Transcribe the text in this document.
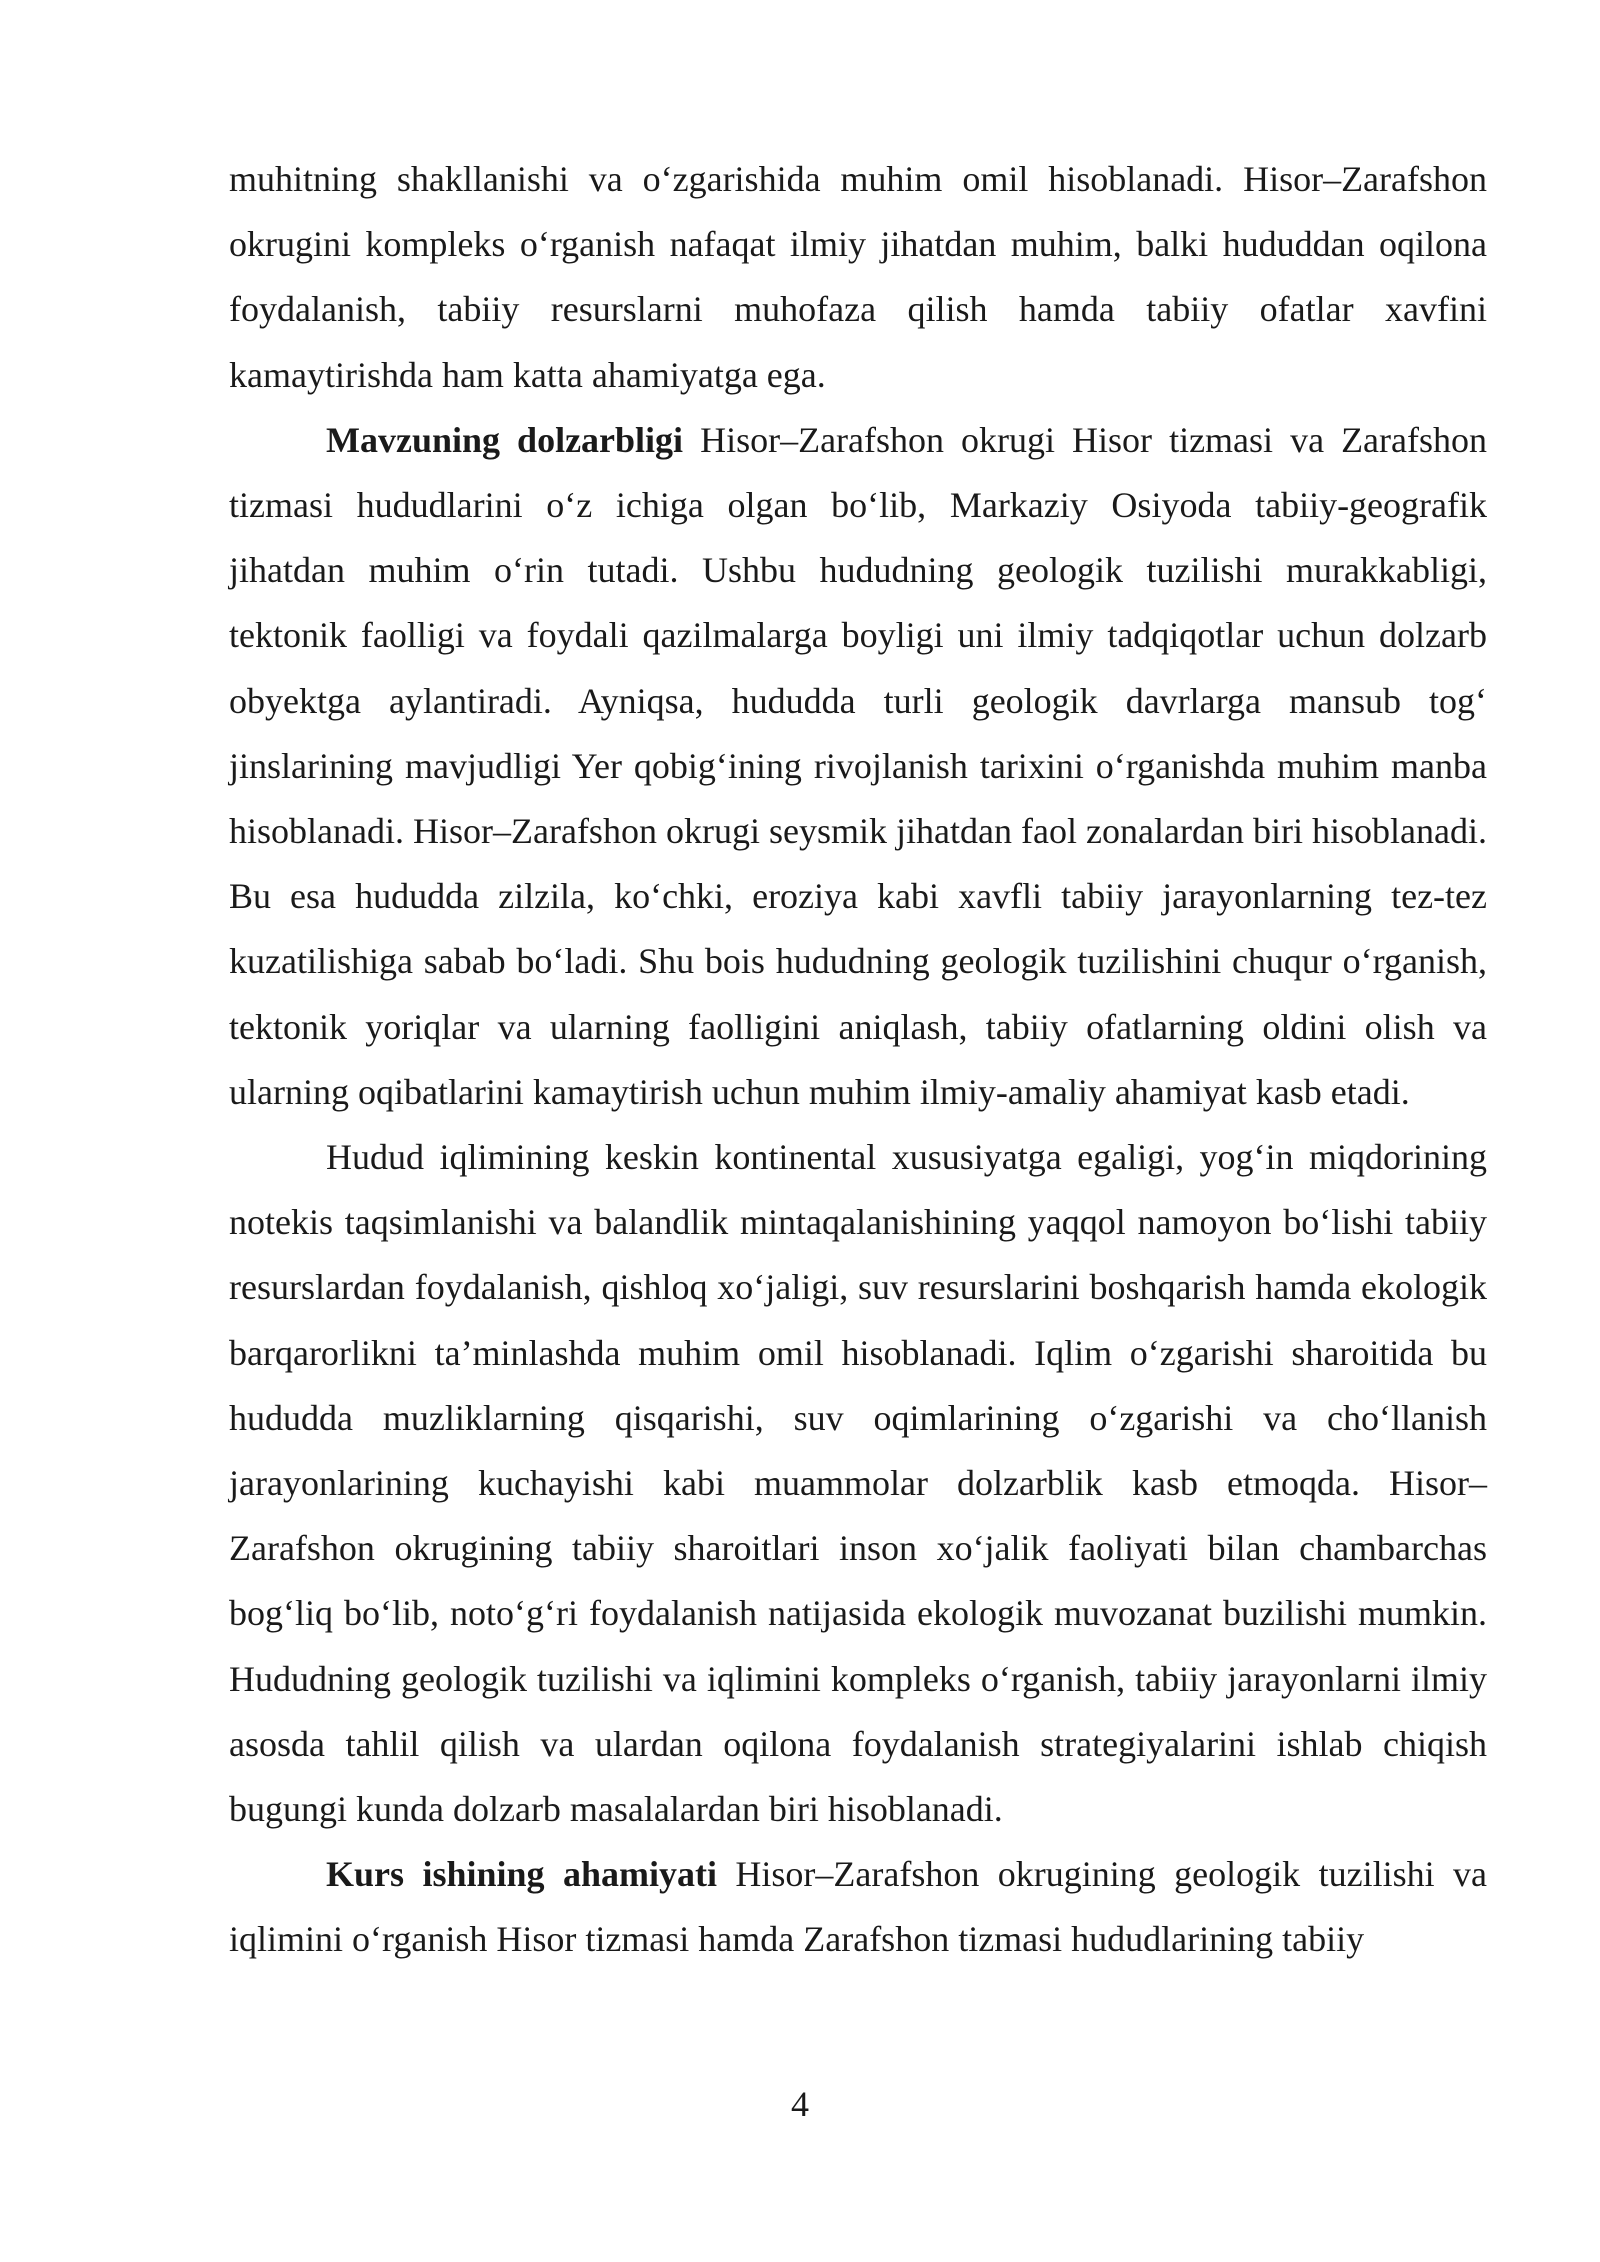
muhitning shakllanishi va o‘zgarishida muhim omil hisoblanadi. Hisor–Zarafshon okrugini kompleks o‘rganish nafaqat ilmiy jihatdan muhim, balki hududdan oqilona foydalanish, tabiiy resurslarni muhofaza qilish hamda tabiiy ofatlar xavfini kamaytirishda ham katta ahamiyatga ega.

Mavzuning dolzarbligi Hisor–Zarafshon okrugi Hisor tizmasi va Zarafshon tizmasi hududlarini o‘z ichiga olgan bo‘lib, Markaziy Osiyoda tabiiy-geografik jihatdan muhim o‘rin tutadi. Ushbu hududning geologik tuzilishi murakkabligi, tektonik faolligi va foydali qazilmalarga boyligi uni ilmiy tadqiqotlar uchun dolzarb obyektga aylantiradi. Ayniqsa, hududda turli geologik davrlarga mansub tog‘ jinslarining mavjudligi Yer qobig‘ining rivojlanish tarixini o‘rganishda muhim manba hisoblanadi. Hisor–Zarafshon okrugi seysmik jihatdan faol zonalardan biri hisoblanadi. Bu esa hududda zilzila, ko‘chki, eroziya kabi xavfli tabiiy jarayonlarning tez-tez kuzatilishiga sabab bo‘ladi. Shu bois hududning geologik tuzilishini chuqur o‘rganish, tektonik yoriqlar va ularning faolligini aniqlash, tabiiy ofatlarning oldini olish va ularning oqibatlarini kamaytirish uchun muhim ilmiy-amaliy ahamiyat kasb etadi.

Hudud iqlimining keskin kontinental xususiyatga egaligi, yog‘in miqdorining notekis taqsimlanishi va balandlik mintaqalanishining yaqqol namoyon bo‘lishi tabiiy resurslardan foydalanish, qishloq xo‘jaligi, suv resurslarini boshqarish hamda ekologik barqarorlikni ta’minlashda muhim omil hisoblanadi. Iqlim o‘zgarishi sharoitida bu hududda muzliklarning qisqarishi, suv oqimlarining o‘zgarishi va cho‘llanish jarayonlarining kuchayishi kabi muammolar dolzarblik kasb etmoqda. Hisor–Zarafshon okrugining tabiiy sharoitlari inson xo‘jalik faoliyati bilan chambarchas bog‘liq bo‘lib, noto‘g‘ri foydalanish natijasida ekologik muvozanat buzilishi mumkin. Hududning geologik tuzilishi va iqlimini kompleks o‘rganish, tabiiy jarayonlarni ilmiy asosda tahlil qilish va ulardan oqilona foydalanish strategiyalarini ishlab chiqish bugungi kunda dolzarb masalalardan biri hisoblanadi.

Kurs ishining ahamiyati Hisor–Zarafshon okrugining geologik tuzilishi va iqlimini o‘rganish Hisor tizmasi hamda Zarafshon tizmasi hududlarining tabiiy

4
